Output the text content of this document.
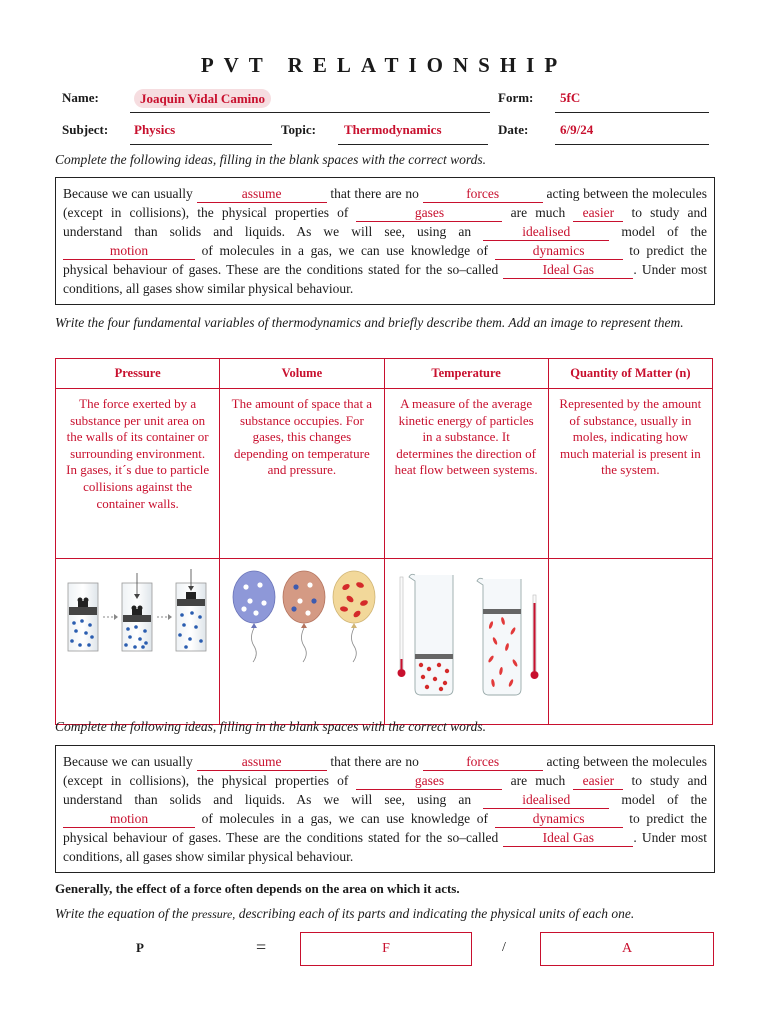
PVT RELATIONSHIP
Name:	Joaquin Vidal Camino	Form: 5fC
Subject: Physics	Topic: Thermodynamics	Date: 6/9/24
Complete the following ideas, filling in the blank spaces with the correct words.
Because we can usually	assume	that there are no	forces	acting between the molecules (except in collisions), the physical properties of	gases	are much easier to study and understand than solids and liquids. As we will see, using an	idealised	model of the motion	of molecules in a gas, we can use knowledge of	dynamics	to predict the physical behaviour of gases. These are the conditions stated for the so–called	Ideal Gas	. Under most conditions, all gases show similar physical behaviour.
Write the four fundamental variables of thermodynamics and briefly describe them. Add an image to represent them.
Pressure	Volume	Temperature	Quantity of Matter (n)
The force exerted by a substance per unit area on the walls of its container or surrounding environment. In gases, it´s due to particle collisions against the container walls.	The amount of space that a substance occupies. For gases, this changes depending on temperature and pressure.	A measure of the average kinetic energy of particles in a substance. It determines the direction of heat flow between systems.	Represented by the amount of substance, usually in moles, indicating how much material is present in the system.

Complete the following ideas, filling in the blank spaces with the correct words.
Because we can usually	assume	that there are no	forces	acting between the molecules (except in collisions), the physical properties of	gases	are much easier to study and understand than solids and liquids. As we will see, using an	idealised	model of the motion	of molecules in a gas, we can use knowledge of	dynamics	to predict the physical behaviour of gases. These are the conditions stated for the so–called	Ideal Gas	. Under most conditions, all gases show similar physical behaviour.
Generally, the effect of a force often depends on the area on which it acts.
Write the equation of the pressure, describing each of its parts and indicating the physical units of each one.
P	=	F	/	A
